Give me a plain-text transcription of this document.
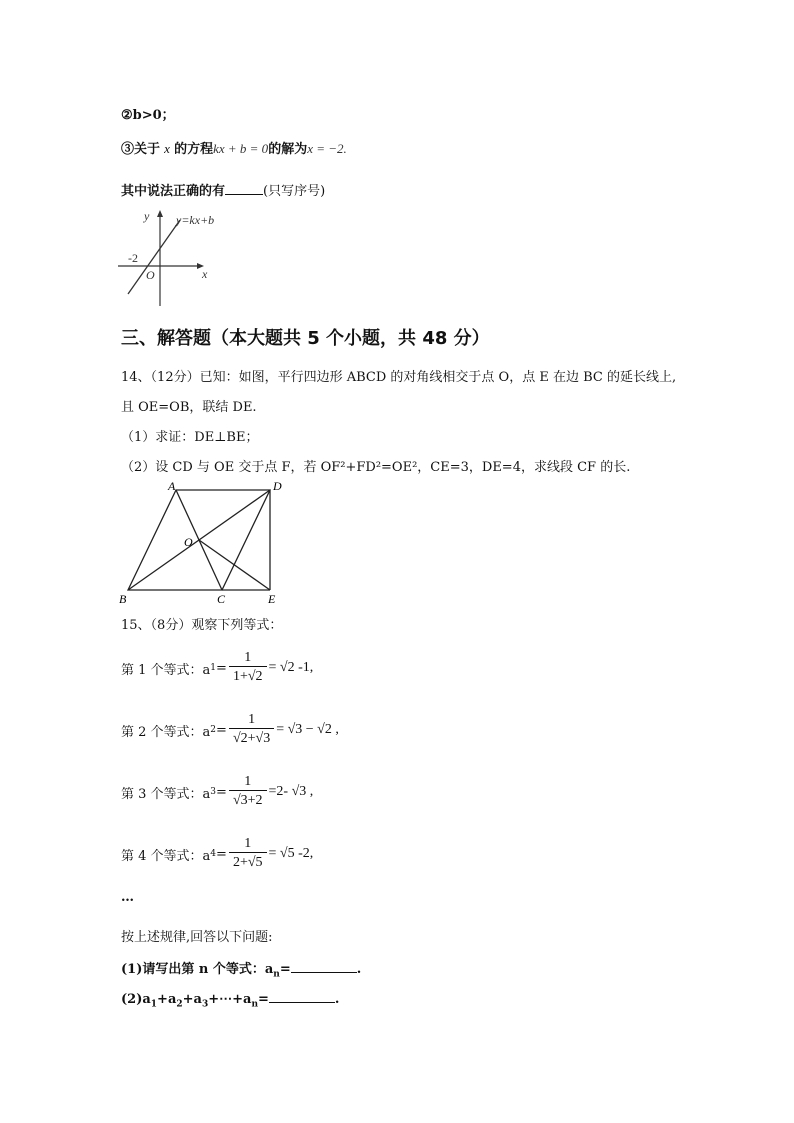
②b>0；
③关于 x 的方程kx + b = 0的解为x = −2.
其中说法正确的有	(只写序号)
y
x
O
-2
y=kx+b
三、解答题（本大题共 5 个小题，共 48 分）
14、（12分）已知：如图，平行四边形 ABCD 的对角线相交于点 O，点 E 在边 BC 的延长线上,
且 OE=OB，联结 DE.
（1）求证：DE⊥BE；
（2）设 CD 与 OE 交于点 F，若 OF²+FD²=OE²，CE=3，DE=4，求线段 CF 的长.
A	D
O
B	C	E
15、（8分）观察下列等式：
第 1 个等式：a $1 = \frac{1}{1+√2} = √2$ -1,
第 2 个等式：a $2 = \frac{1}{√2+√3} = √3 - √2$ ,
第 3 个等式：a $3 = \frac{1}{√3+2} =2-$ √3 ,
第 4 个等式：a $4 = \frac{1}{2+√5} = √5$ -2,
…
按上述规律,回答以下问题:
(1)请写出第 n 个等式：$a_n=$	.
$(2)a_1+a_2+a_3+\cdots+a_n=$	.
